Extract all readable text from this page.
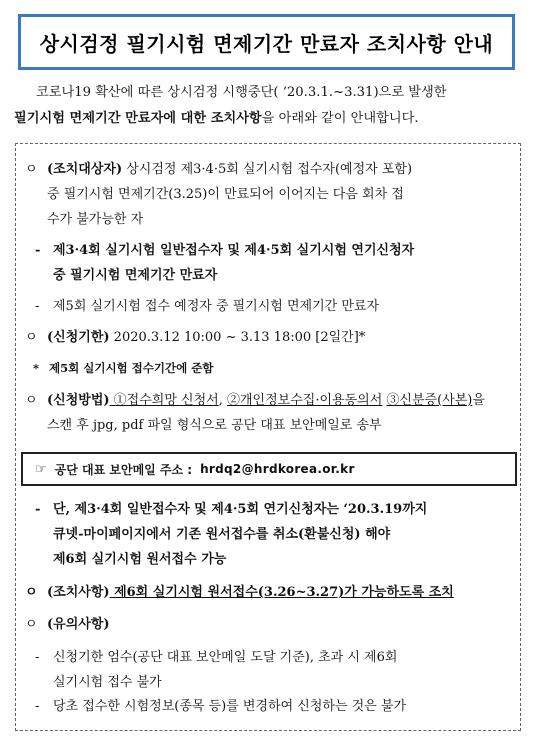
상시검정 필기시험 면제기간 만료자 조치사항 안내
코로나19 확산에 따른 상시검정 시행중단( ‘20.3.1.~3.31)으로 발생한
필기시험 면제기간 만료자에 대한 조치사항을 아래와 같이 안내합니다.
ㅇ (조치대상자) 상시검정 제3·4·5회 실기시험 접수자(예정자 포함)
중 필기시험 면제기간(3.25)이 만료되어 이어지는 다음 회차 접
수가 불가능한 자
- 제3·4회 실기시험 일반접수자 및 제4·5회 실기시험 연기신청자
중 필기시험 면제기간 만료자
- 제5회 실기시험 접수 예정자 중 필기시험 면제기간 만료자
ㅇ (신청기한) 2020.3.12 10:00 ~ 3.13 18:00 [2일간]*
* 제5회 실기시험 접수기간에 준함
ㅇ (신청방법) ①접수희망 신청서, ②개인정보수집·이용동의서 ③신분증(사본)을
스캔 후 jpg, pdf 파일 형식으로 공단 대표 보안메일로 송부
☞ 공단 대표 보안메일 주소 : hrdq2@hrdkorea.or.kr
- 단, 제3·4회 일반접수자 및 제4·5회 연기신청자는 ‘20.3.19까지
큐넷-마이페이지에서 기존 원서접수를 취소(환불신청) 해야
제6회 실기시험 원서접수 가능
ㅇ (조치사항) 제6회 실기시험 원서접수(3.26~3.27)가 가능하도록 조치
ㅇ (유의사항)
- 신청기한 엄수(공단 대표 보안메일 도달 기준), 초과 시 제6회
실기시험 접수 불가
- 당초 접수한 시험정보(종목 등)를 변경하여 신청하는 것은 불가
